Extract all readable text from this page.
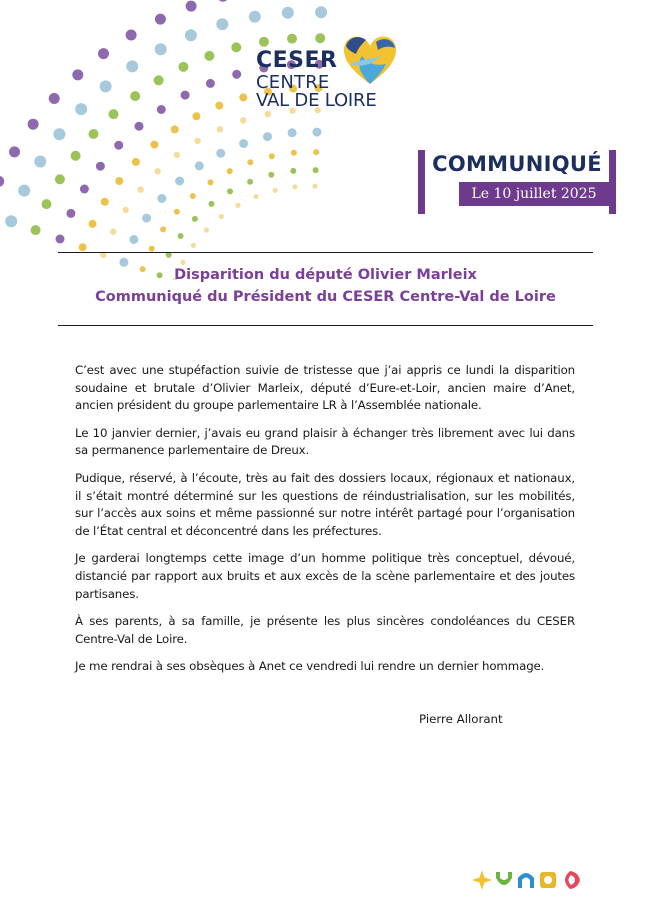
CESER
CENTRE
VAL DE LOIRE
COMMUNIQUÉ
Le 10 juillet 2025
Disparition du député Olivier Marleix
Communiqué du Président du CESER Centre-Val de Loire

C’est avec une stupéfaction suivie de tristesse que j’ai appris ce lundi la disparition soudaine et brutale d’Olivier Marleix, député d’Eure-et-Loir, ancien maire d’Anet, ancien président du groupe parlementaire LR à l’Assemblée nationale.

Le 10 janvier dernier, j’avais eu grand plaisir à échanger très librement avec lui dans sa permanence parlementaire de Dreux.

Pudique, réservé, à l’écoute, très au fait des dossiers locaux, régionaux et nationaux, il s’était montré déterminé sur les questions de réindustrialisation, sur les mobilités, sur l’accès aux soins et même passionné sur notre intérêt partagé pour l’organisation de l’État central et déconcentré dans les préfectures.

Je garderai longtemps cette image d’un homme politique très conceptuel, dévoué, distancié par rapport aux bruits et aux excès de la scène parlementaire et des joutes partisanes.

À ses parents, à sa famille, je présente les plus sincères condoléances du CESER Centre-Val de Loire.

Je me rendrai à ses obsèques à Anet ce vendredi lui rendre un dernier hommage.

Pierre Allorant
